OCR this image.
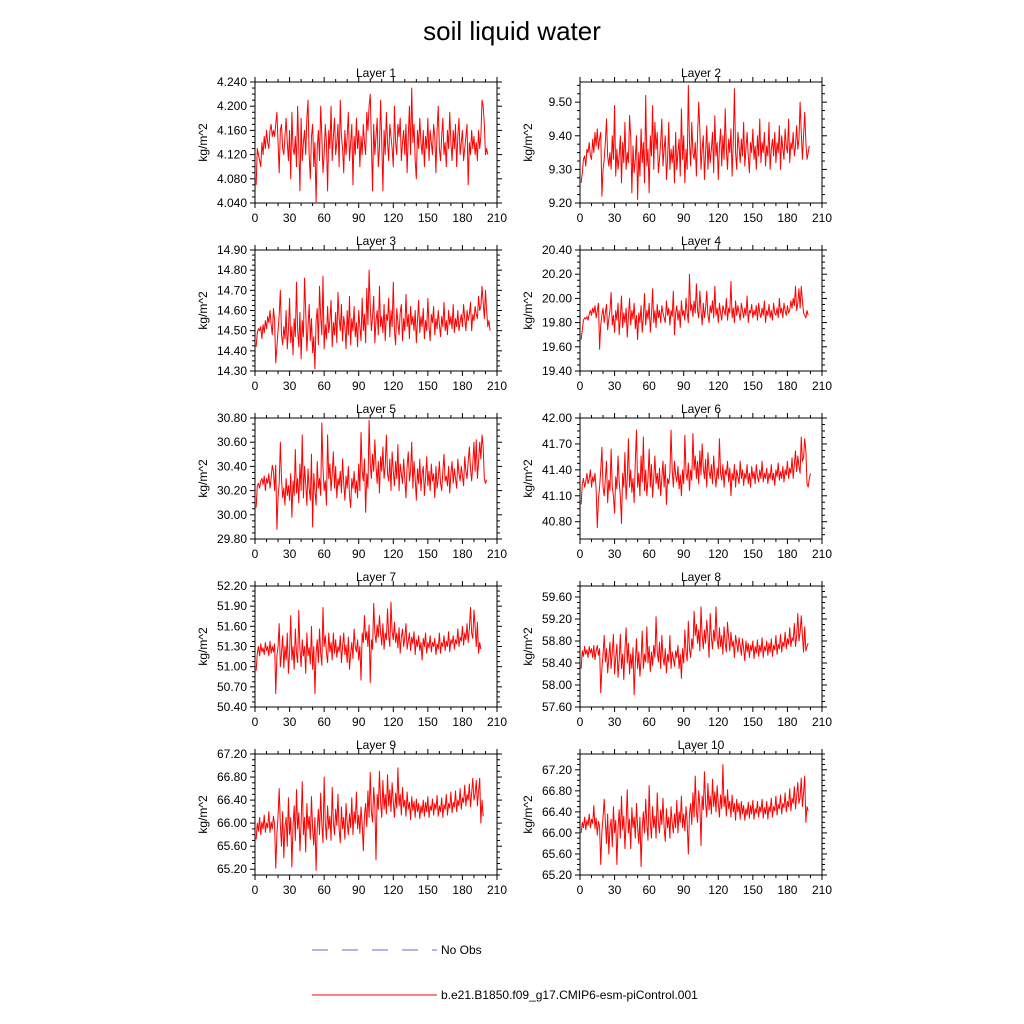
soil liquid water
Layer 1
kg/m^2
0 30 60 90 120 150 180 210
4.040
4.080
4.120
4.160
4.200
4.240
Layer 2
kg/m^2
0 30 60 90 120 150 180 210
9.20
9.30
9.40
9.50
Layer 3
kg/m^2
0 30 60 90 120 150 180 210
14.30
14.40
14.50
14.60
14.70
14.80
14.90
Layer 4
kg/m^2
0 30 60 90 120 150 180 210
19.40
19.60
19.80
20.00
20.20
20.40
Layer 5
kg/m^2
0 30 60 90 120 150 180 210
29.80
30.00
30.20
30.40
30.60
30.80
Layer 6
kg/m^2
0 30 60 90 120 150 180 210
40.80
41.10
41.40
41.70
42.00
Layer 7
kg/m^2
0 30 60 90 120 150 180 210
50.40
50.70
51.00
51.30
51.60
51.90
52.20
Layer 8
kg/m^2
0 30 60 90 120 150 180 210
57.60
58.00
58.40
58.80
59.20
59.60
Layer 9
kg/m^2
0 30 60 90 120 150 180 210
65.20
65.60
66.00
66.40
66.80
67.20
Layer 10
kg/m^2
0 30 60 90 120 150 180 210
65.20
65.60
66.00
66.40
66.80
67.20
No Obs
b.e21.B1850.f09_g17.CMIP6-esm-piControl.001
